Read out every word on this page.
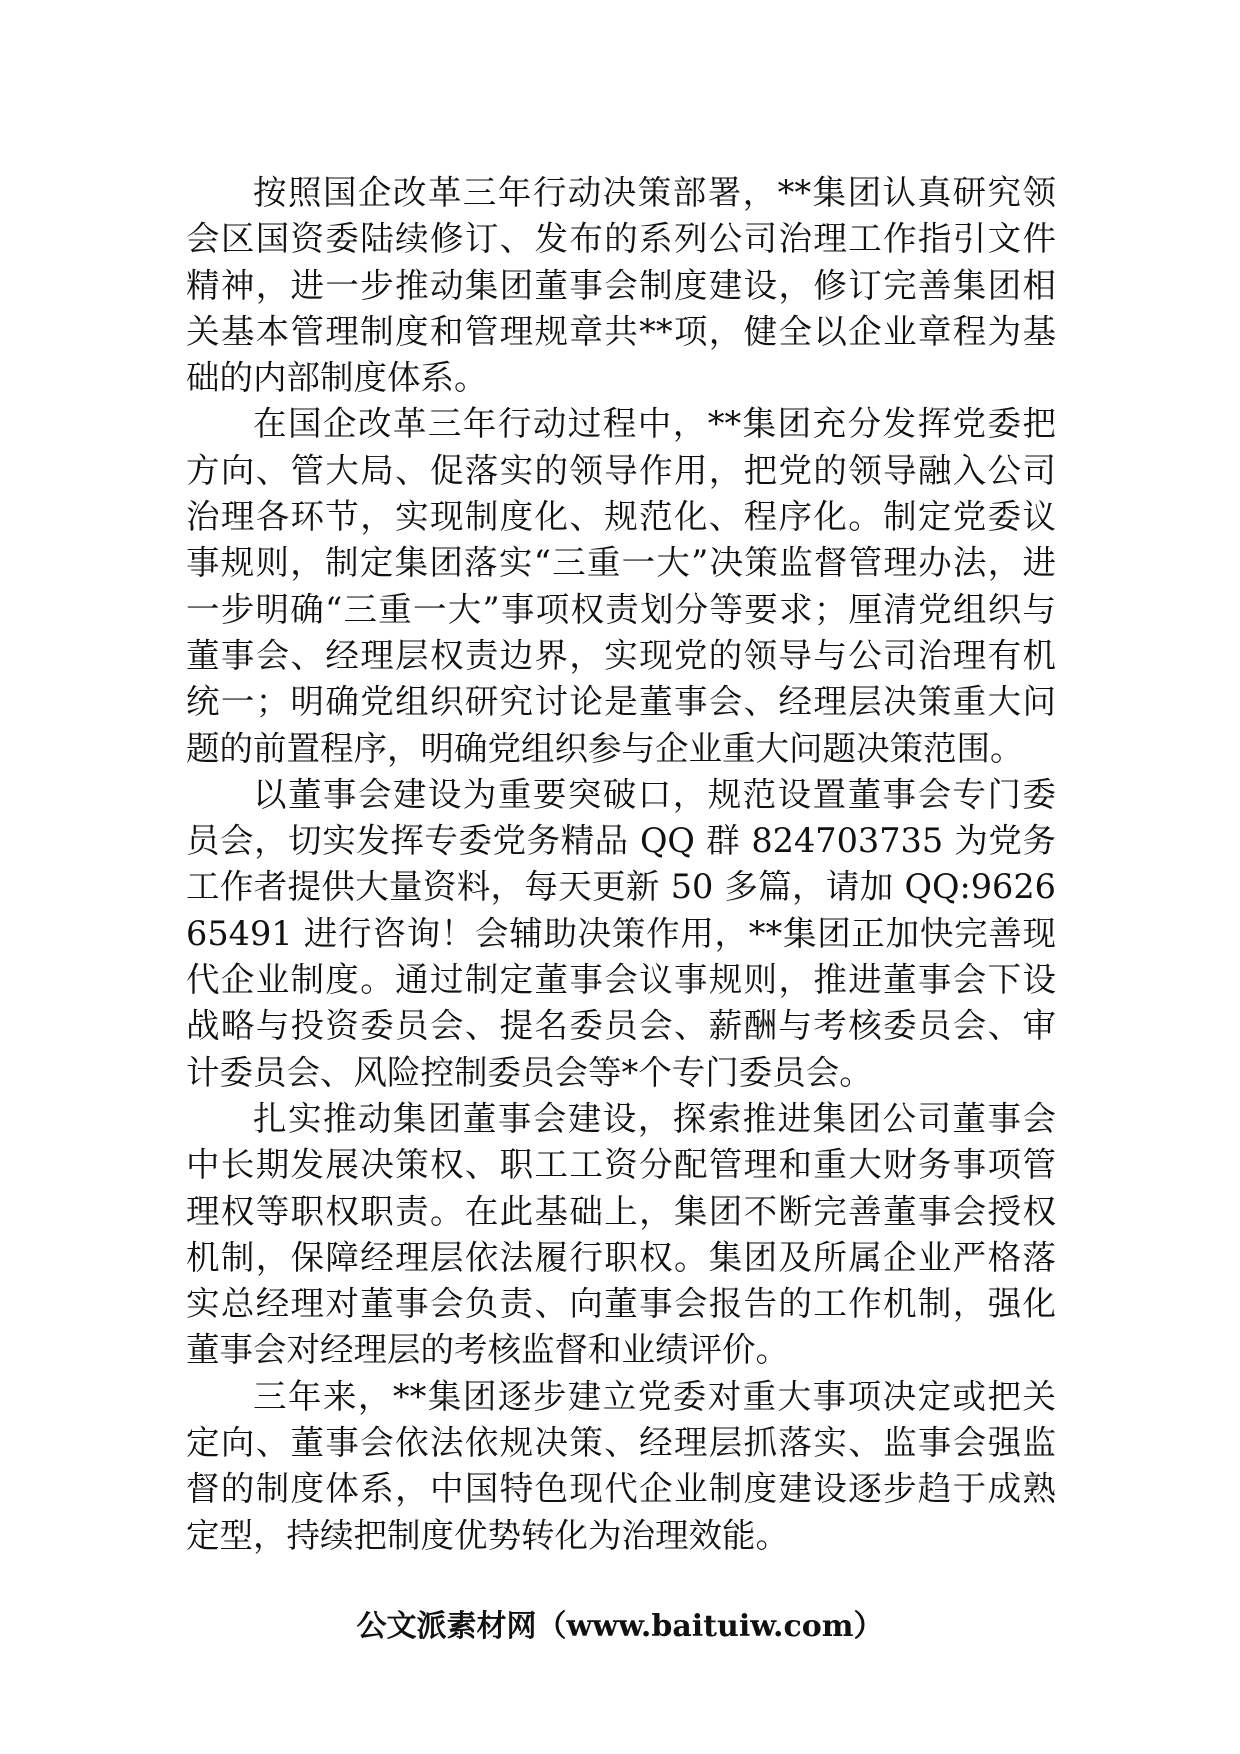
按照国企改革三年行动决策部署，**集团认真研究领会区国资委陆续修订、发布的系列公司治理工作指引文件精神，进一步推动集团董事会制度建设，修订完善集团相关基本管理制度和管理规章共**项，健全以企业章程为基础的内部制度体系。

在国企改革三年行动过程中，**集团充分发挥党委把方向、管大局、促落实的领导作用，把党的领导融入公司治理各环节，实现制度化、规范化、程序化。制定党委议事规则，制定集团落实“三重一大”决策监督管理办法，进一步明确“三重一大”事项权责划分等要求；厘清党组织与董事会、经理层权责边界，实现党的领导与公司治理有机统一；明确党组织研究讨论是董事会、经理层决策重大问题的前置程序，明确党组织参与企业重大问题决策范围。

以董事会建设为重要突破口，规范设置董事会专门委员会，切实发挥专委党务精品 QQ 群 824703735 为党务工作者提供大量资料，每天更新 50 多篇，请加 QQ:962665491 进行咨询！会辅助决策作用，**集团正加快完善现代企业制度。通过制定董事会议事规则，推进董事会下设战略与投资委员会、提名委员会、薪酬与考核委员会、审计委员会、风险控制委员会等*个专门委员会。

扎实推动集团董事会建设，探索推进集团公司董事会中长期发展决策权、职工工资分配管理和重大财务事项管理权等职权职责。在此基础上，集团不断完善董事会授权机制，保障经理层依法履行职权。集团及所属企业严格落实总经理对董事会负责、向董事会报告的工作机制，强化董事会对经理层的考核监督和业绩评价。

三年来，**集团逐步建立党委对重大事项决定或把关定向、董事会依法依规决策、经理层抓落实、监事会强监督的制度体系，中国特色现代企业制度建设逐步趋于成熟定型，持续把制度优势转化为治理效能。

公文派素材网（www.baituiw.com）
